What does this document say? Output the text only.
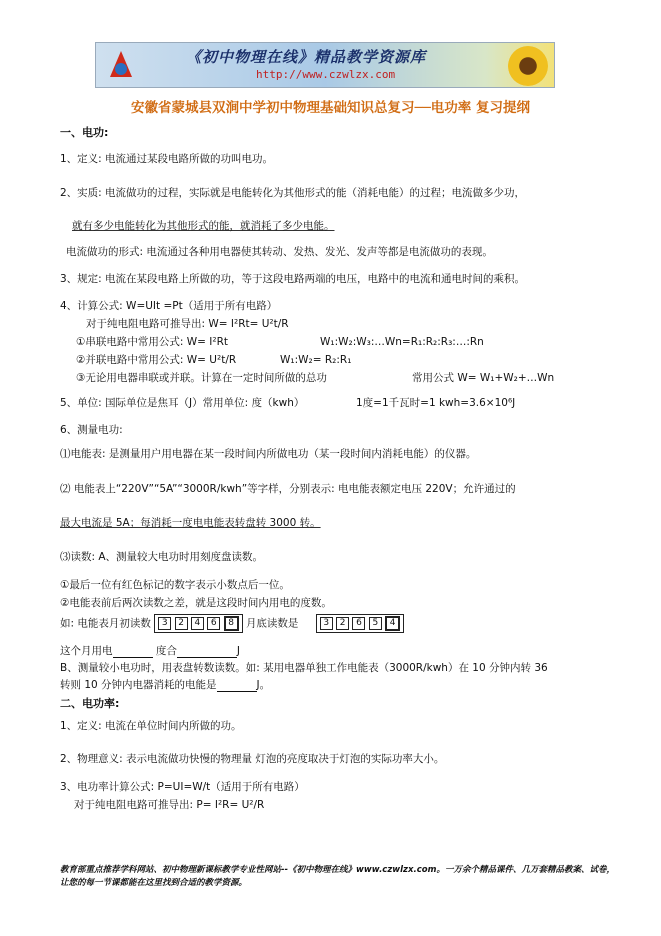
《初中物理在线》精品教学资源库
http://www.czwlzx.com
安徽省蒙城县双涧中学初中物理基础知识总复习──电功率 复习提纲
一、电功:
1、定义: 电流通过某段电路所做的功叫电功。
2、实质: 电流做功的过程，实际就是电能转化为其他形式的能（消耗电能）的过程；电流做多少功，
就有多少电能转化为其他形式的能，就消耗了多少电能。
电流做功的形式: 电流通过各种用电器使其转动、发热、发光、发声等都是电流做功的表现。
3、规定: 电流在某段电路上所做的功，等于这段电路两端的电压，电路中的电流和通电时间的乘积。
4、计算公式: W=UIt =Pt（适用于所有电路）
对于纯电阻电路可推导出: W= I²Rt= U²t/R
①串联电路中常用公式: W= I²Rt	W₁:W₂:W₃:…Wn=R₁:R₂:R₃:…:Rn
②并联电路中常用公式: W= U²t/R	W₁:W₂= R₂:R₁
③无论用电器串联或并联。计算在一定时间所做的总功	常用公式 W= W₁+W₂+…Wn
5、单位: 国际单位是焦耳（J）常用单位: 度（kwh）	1度=1千瓦时=1 kwh=3.6×10⁶J
6、测量电功:
⑴电能表: 是测量用户用电器在某一段时间内所做电功（某一段时间内消耗电能）的仪器。
⑵ 电能表上“220V”“5A”“3000R/kwh”等字样，分别表示: 电电能表额定电压 220V；允许通过的
最大电流是 5A；每消耗一度电电能表转盘转 3000 转。
⑶读数: A、测量较大电功时用刻度盘读数。
①最后一位有红色标记的数字表示小数点后一位。
②电能表前后两次读数之差，就是这段时间内用电的度数。
如: 电能表月初读数 3 2 4 6 8 月底读数是	3 2 6 5 4
这个月用电	度合	J
B、测量较小电功时，用表盘转数读数。如: 某用电器单独工作电能表（3000R/kwh）在 10 分钟内转 36
转则 10 分钟内电器消耗的电能是	J。
二、电功率:
1、定义: 电流在单位时间内所做的功。
2、物理意义: 表示电流做功快慢的物理量 灯泡的亮度取决于灯泡的实际功率大小。
3、电功率计算公式: P=UI=W/t（适用于所有电路）
对于纯电阻电路可推导出: P= I²R= U²/R
教育部重点推荐学科网站、初中物理新课标教学专业性网站--《初中物理在线》www.czwlzx.com。一万余个精品课件、几万套精品教案、试卷，让您的每一节课都能在这里找到合适的教学资源。
